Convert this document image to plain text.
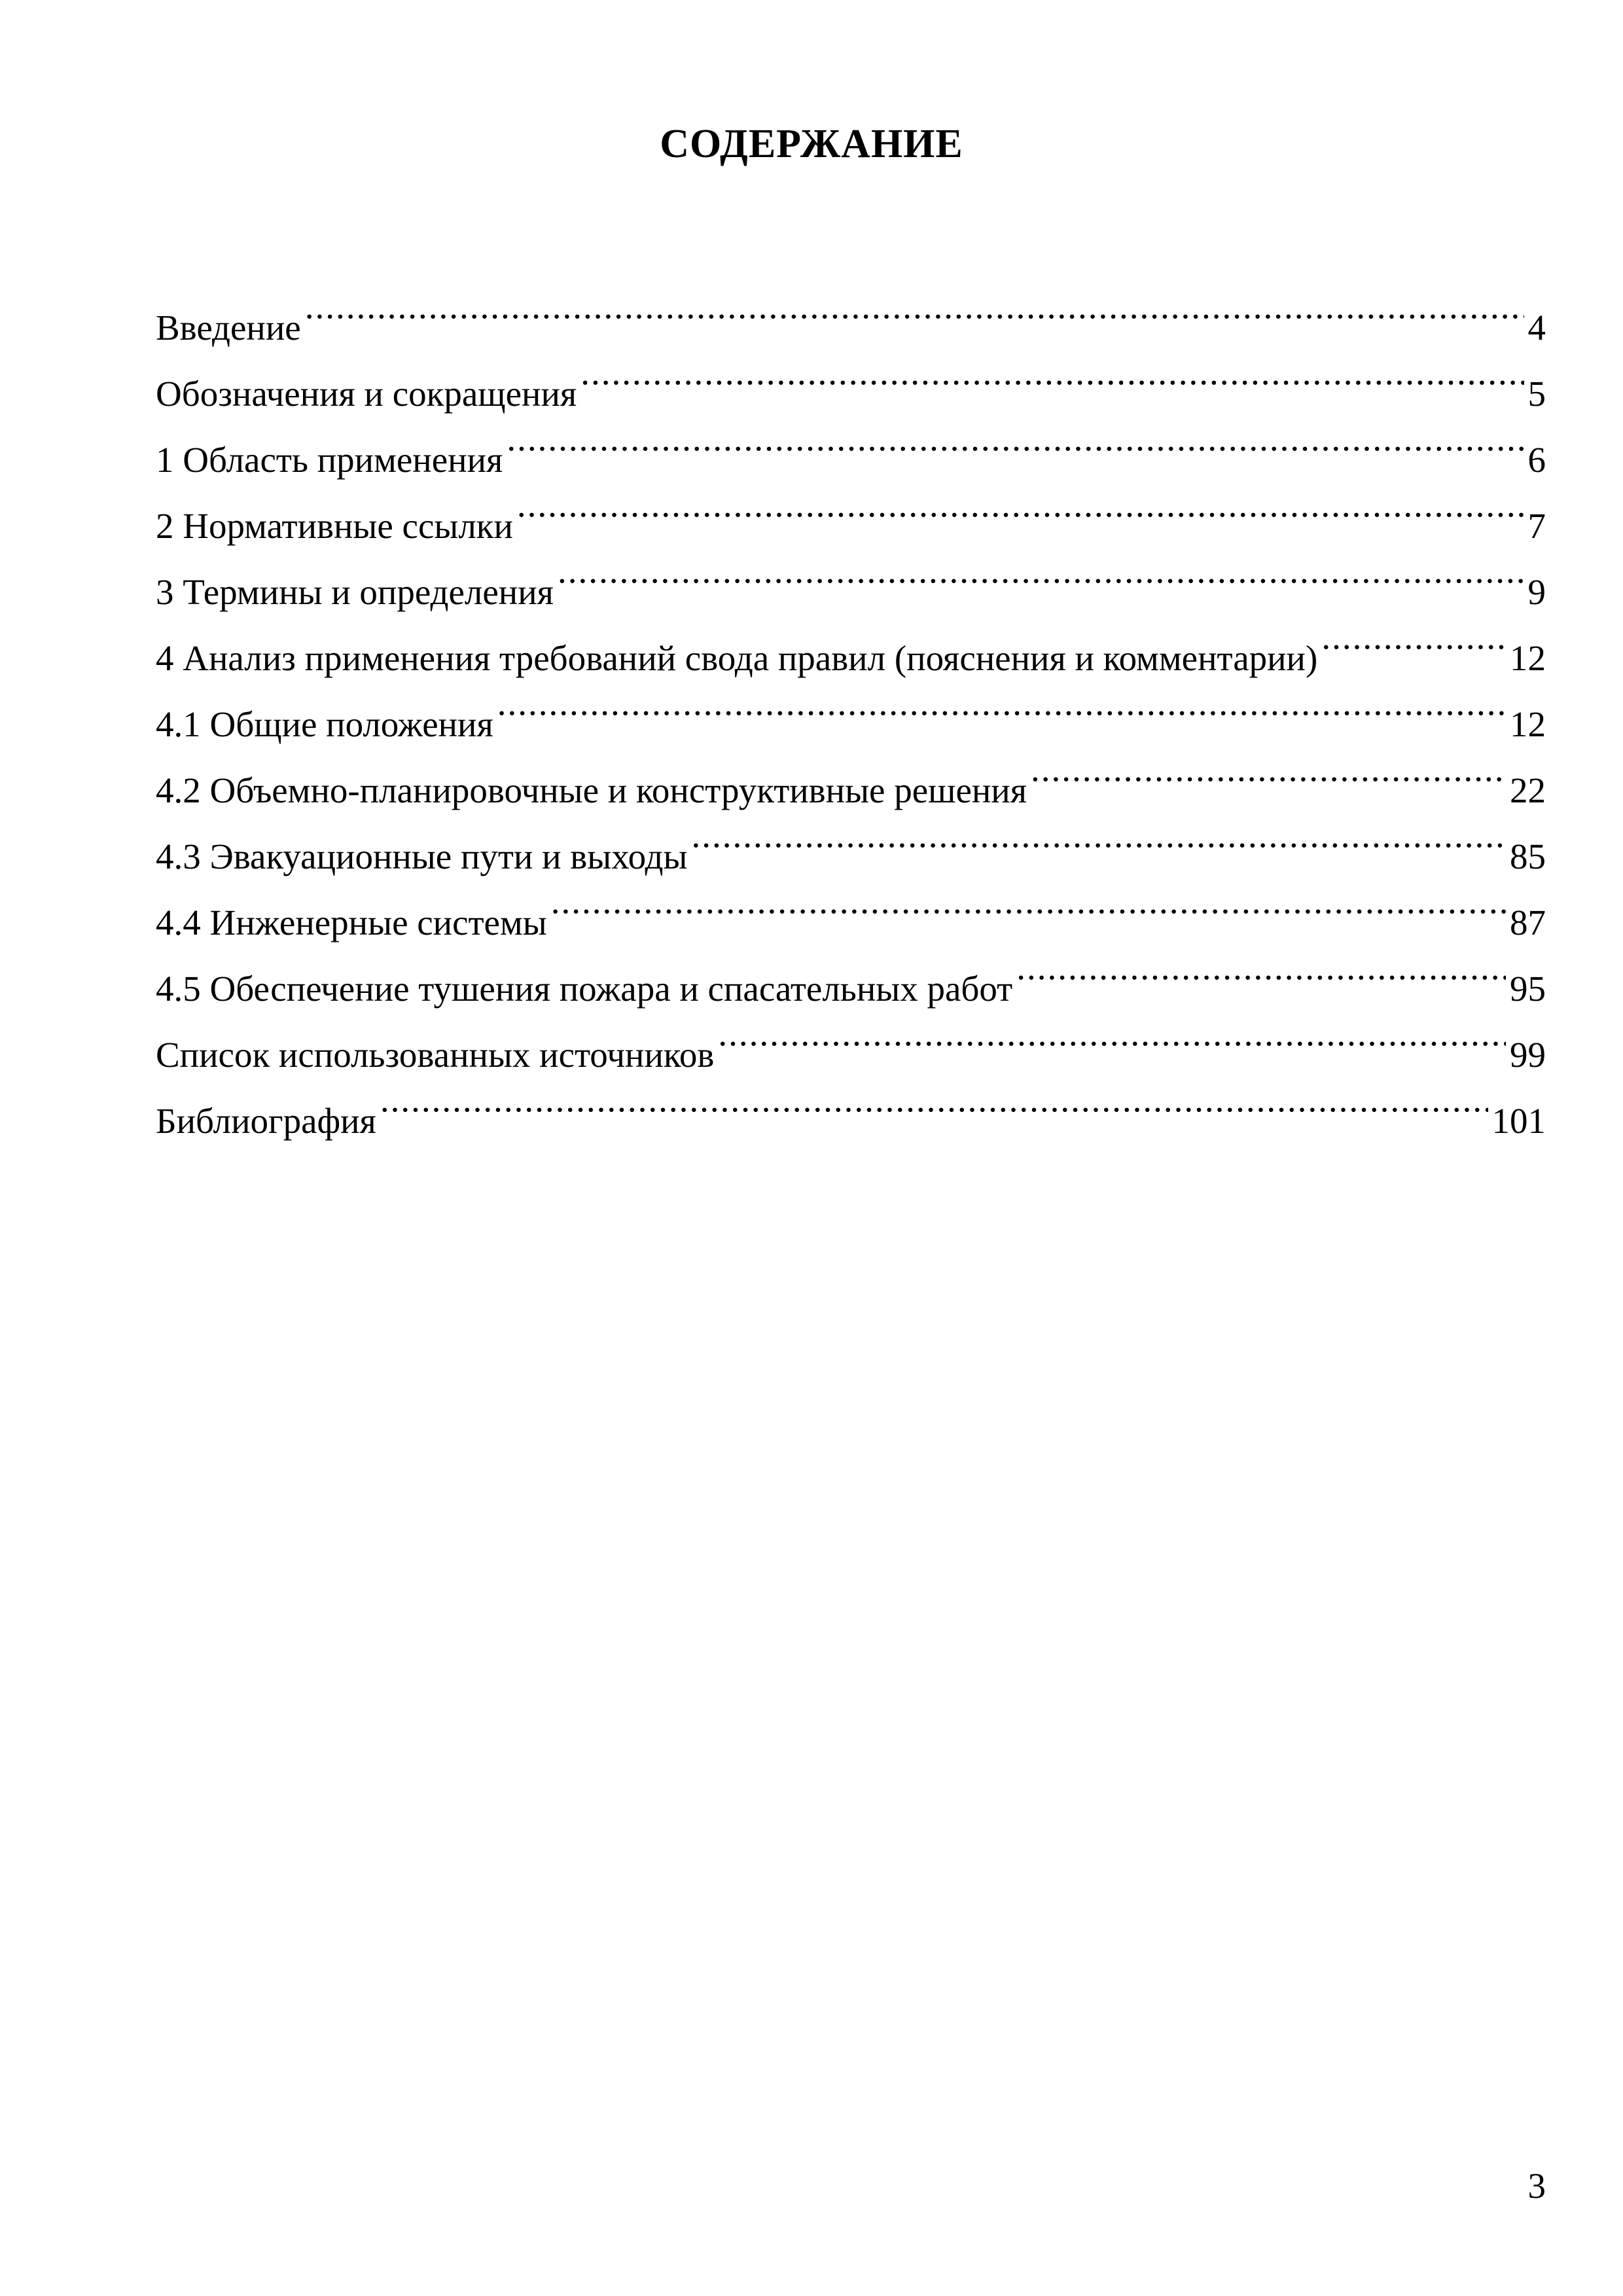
СОДЕРЖАНИЕ
Введение .....	4
Обозначения и сокращения .....	5
1 Область применения .....	6
2 Нормативные ссылки .....	7
3 Термины и определения .....	9
4 Анализ применения требований свода правил (пояснения и комментарии) .....	12
4.1 Общие положения .....	12
4.2 Объемно-планировочные и конструктивные решения .....	22
4.3 Эвакуационные пути и выходы .....	85
4.4 Инженерные системы .....	87
4.5 Обеспечение тушения пожара и спасательных работ .....	95
Список использованных источников .....	99
Библиография .....	101
3
